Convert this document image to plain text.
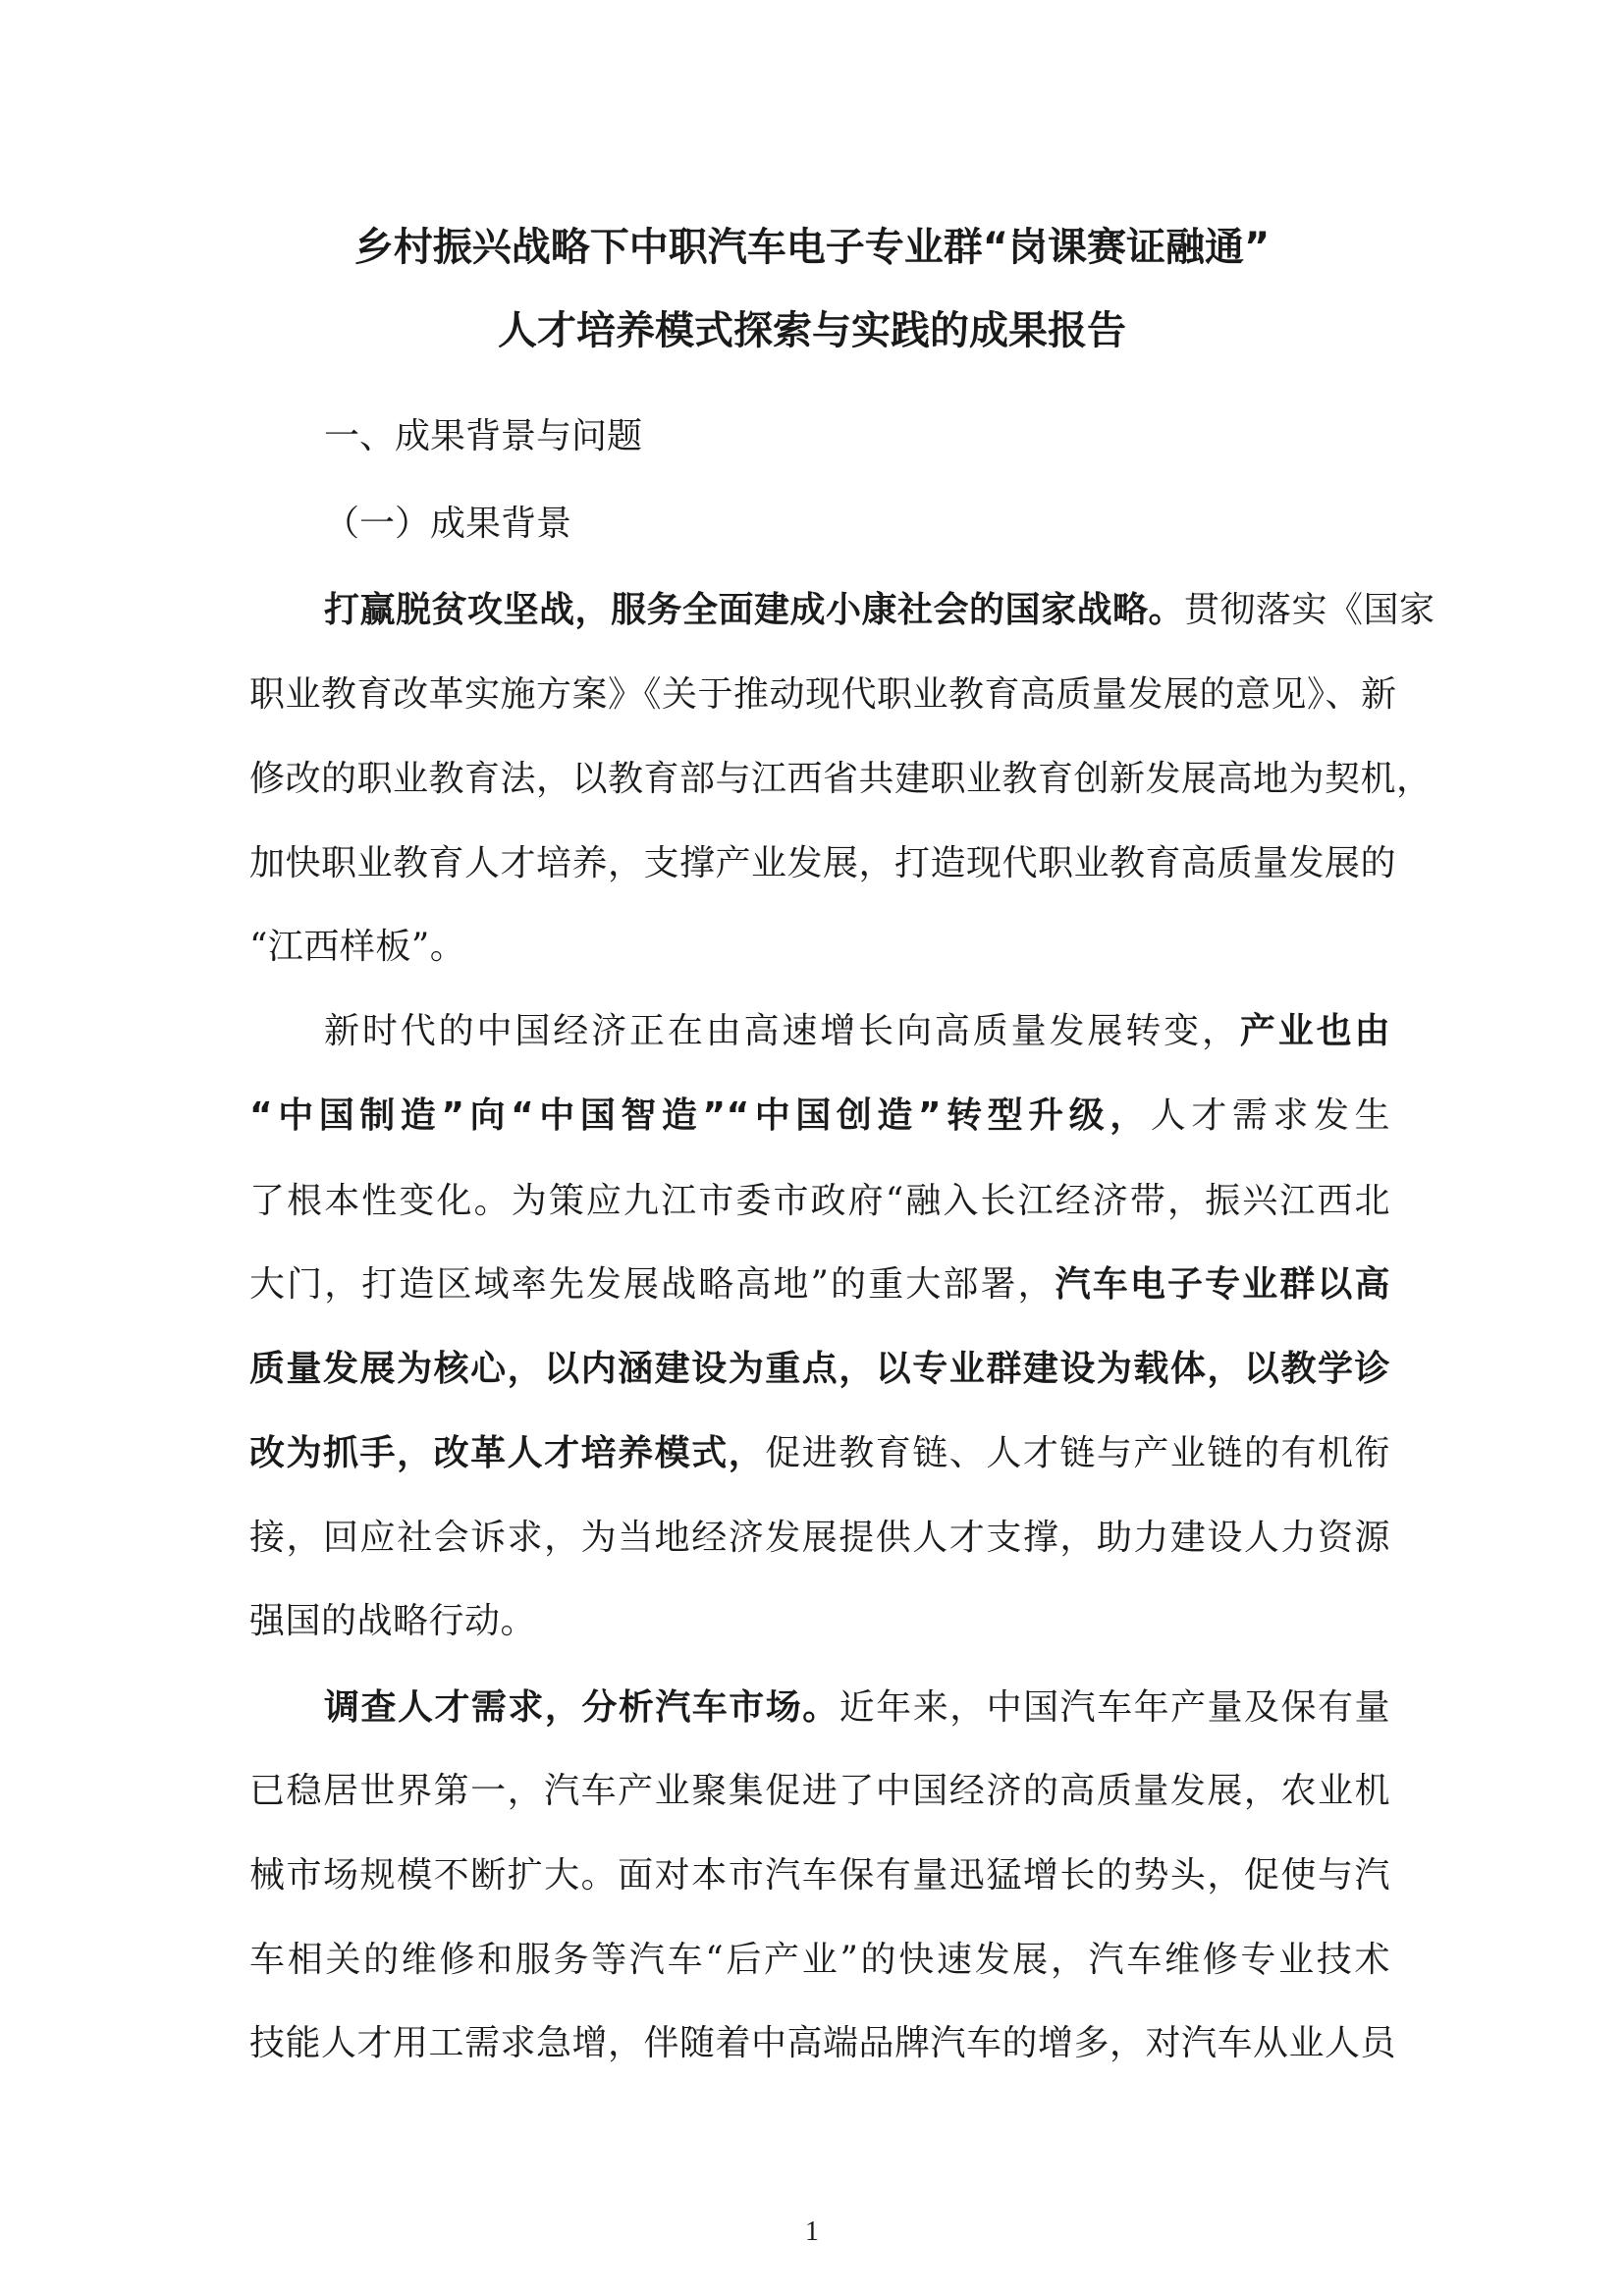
乡村振兴战略下中职汽车电子专业群“岗课赛证融通”
人才培养模式探索与实践的成果报告
一、成果背景与问题
（一）成果背景
打赢脱贫攻坚战，服务全面建成小康社会的国家战略。贯彻落实《国家
职业教育改革实施方案》《关于推动现代职业教育高质量发展的意见》、新
修改的职业教育法，以教育部与江西省共建职业教育创新发展高地为契机，
加快职业教育人才培养，支撑产业发展，打造现代职业教育高质量发展的
“江西样板”。
新时代的中国经济正在由高速增长向高质量发展转变，产业也由
“中国制造”向“中国智造”“中国创造”转型升级，人才需求发生
了根本性变化。为策应九江市委市政府“融入长江经济带，振兴江西北
大门，打造区域率先发展战略高地”的重大部署，汽车电子专业群以高
质量发展为核心，以内涵建设为重点，以专业群建设为载体，以教学诊
改为抓手，改革人才培养模式，促进教育链、人才链与产业链的有机衔
接，回应社会诉求，为当地经济发展提供人才支撑，助力建设人力资源
强国的战略行动。
调查人才需求，分析汽车市场。近年来，中国汽车年产量及保有量
已稳居世界第一，汽车产业聚集促进了中国经济的高质量发展，农业机
械市场规模不断扩大。面对本市汽车保有量迅猛增长的势头，促使与汽
车相关的维修和服务等汽车“后产业”的快速发展，汽车维修专业技术
技能人才用工需求急增，伴随着中高端品牌汽车的增多，对汽车从业人员
1
